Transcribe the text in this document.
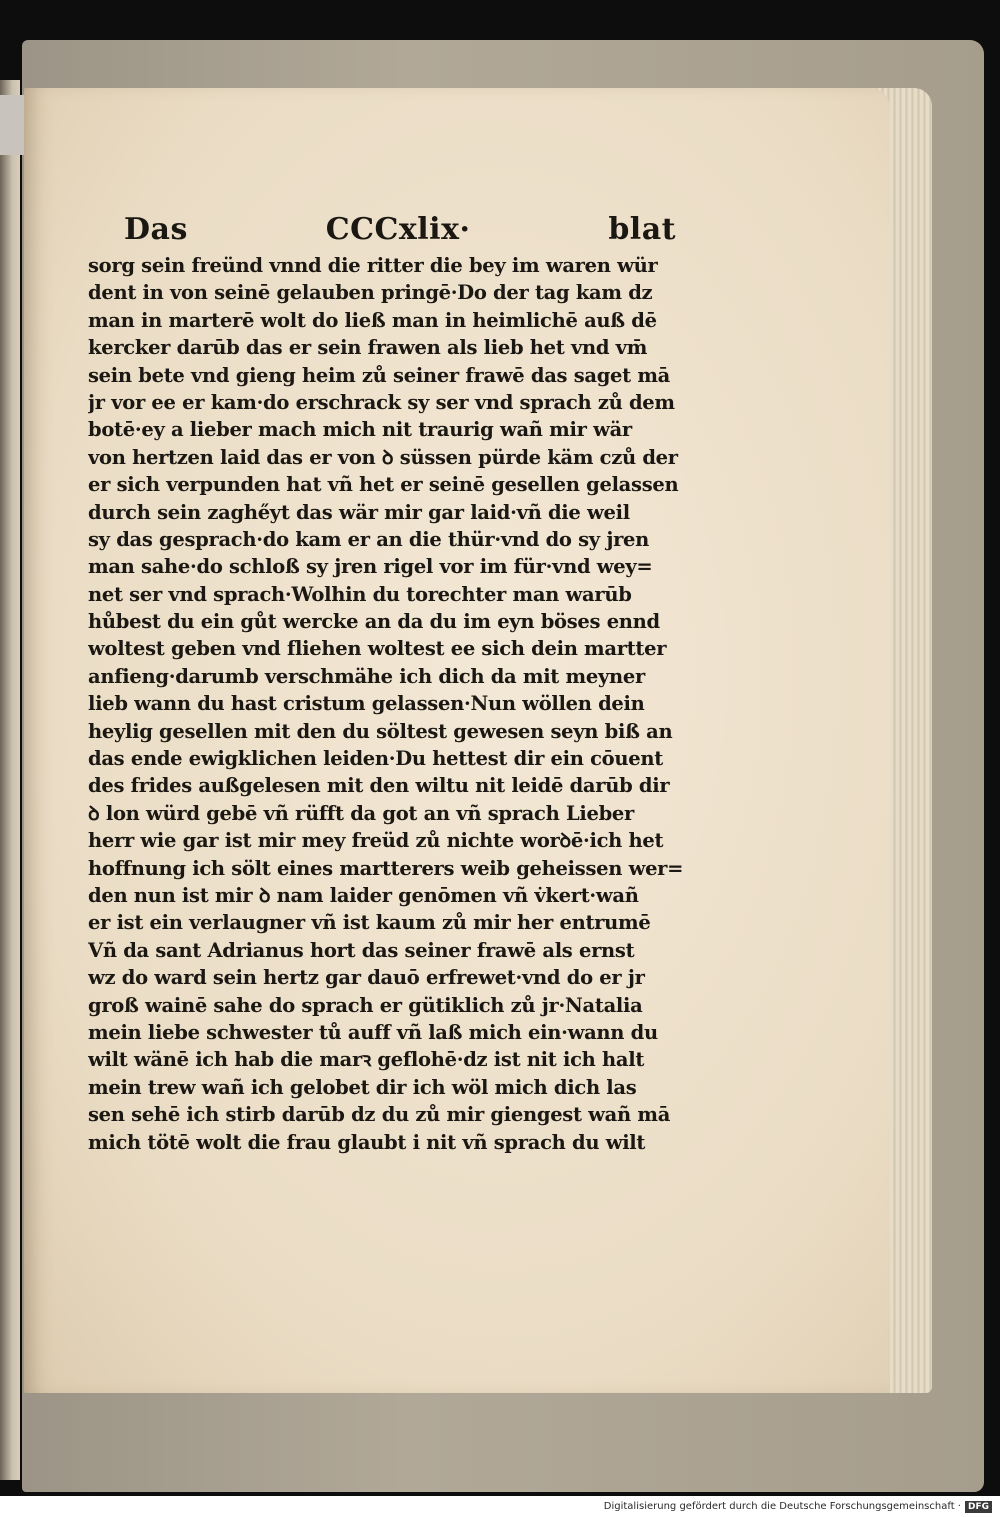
Das	CCCxlix·	blat
sorg sein freünd vnnd die ritter die bey im waren wür
dent in von seinē gelauben pringē·Do der tag kam dz
man in marterē wolt do ließ man in heimlichē auß dē
kercker darūb das er sein frawen als lieb het vnd vm̄
sein bete vnd gieng heim zů seiner frawē das saget mā
jr vor ee er kam·do erschrack sy ser vnd sprach zů dem
botē·ey a lieber mach mich nit traurig wañ mir wär
von hertzen laid das er von ꝺ süssen pürde käm czů der
er sich verpunden hat vñ het er seinē gesellen gelassen
durch sein zaghe̋yt das wär mir gar laid·vñ die weil
sy das gesprach·do kam er an die thür·vnd do sy jren
man sahe·do schloß sy jren rigel vor im für·vnd wey=
net ser vnd sprach·Wolhin du torechter man warūb
hůbest du ein gůt wercke an da du im eyn böses ennd
woltest geben vnd fliehen woltest ee sich dein martter
anfieng·darumb verschmähe ich dich da mit meyner
lieb wann du hast cristum gelassen·Nun wöllen dein
heylig gesellen mit den du söltest gewesen seyn biß an
das ende ewigklichen leiden·Du hettest dir ein cōuent
des frides außgelesen mit den wiltu nit leidē darūb dir
ꝺ lon würd gebē vñ rüfft da got an vñ sprach Lieber
herr wie gar ist mir mey freüd zů nichte worꝺē·ich het
hoffnung ich sölt eines martterers weib geheissen wer=
den nun ist mir ꝺ nam laider genōmen vñ v̇kert·wañ
er ist ein verlaugner vñ ist kaum zů mir her entrumē
Vñ da sant Adrianus hort das seiner frawē als ernst
wz do ward sein hertz gar dauō erfrewet·vnd do er jr
groß wainē sahe do sprach er gütiklich zů jr·Natalia
mein liebe schwester tů auff vñ laß mich ein·wann du
wilt wänē ich hab die marꝛ geflohē·dz ist nit ich halt
mein trew wañ ich gelobet dir ich wöl mich dich las
sen sehē ich stirb darūb dz du zů mir giengest wañ mā
mich tötē wolt die frau glaubt i nit vñ sprach du wilt
Digitalisierung gefördert durch die Deutsche Forschungsgemeinschaft · DFG
